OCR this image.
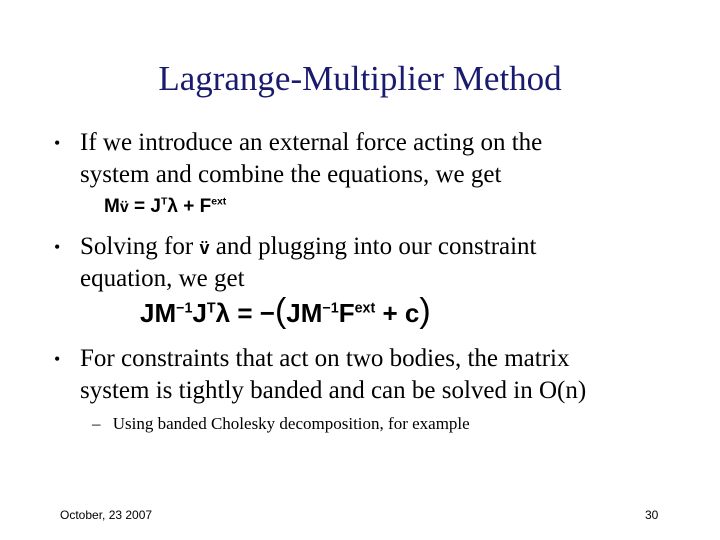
Lagrange-Multiplier Method
• If we introduce an external force acting on the
system and combine the equations, we get
Mv̈ = $J^T\lambda + F^{ext}$
• Solving for v̈ and plugging into our constraint
equation, we get
$JM^{-1}J^T\lambda = -(JM^{-1}F^{ext} + c)$
• For constraints that act on two bodies, the matrix
system is tightly banded and can be solved in O(n)
– Using banded Cholesky decomposition, for example
October, 23 2007	30
